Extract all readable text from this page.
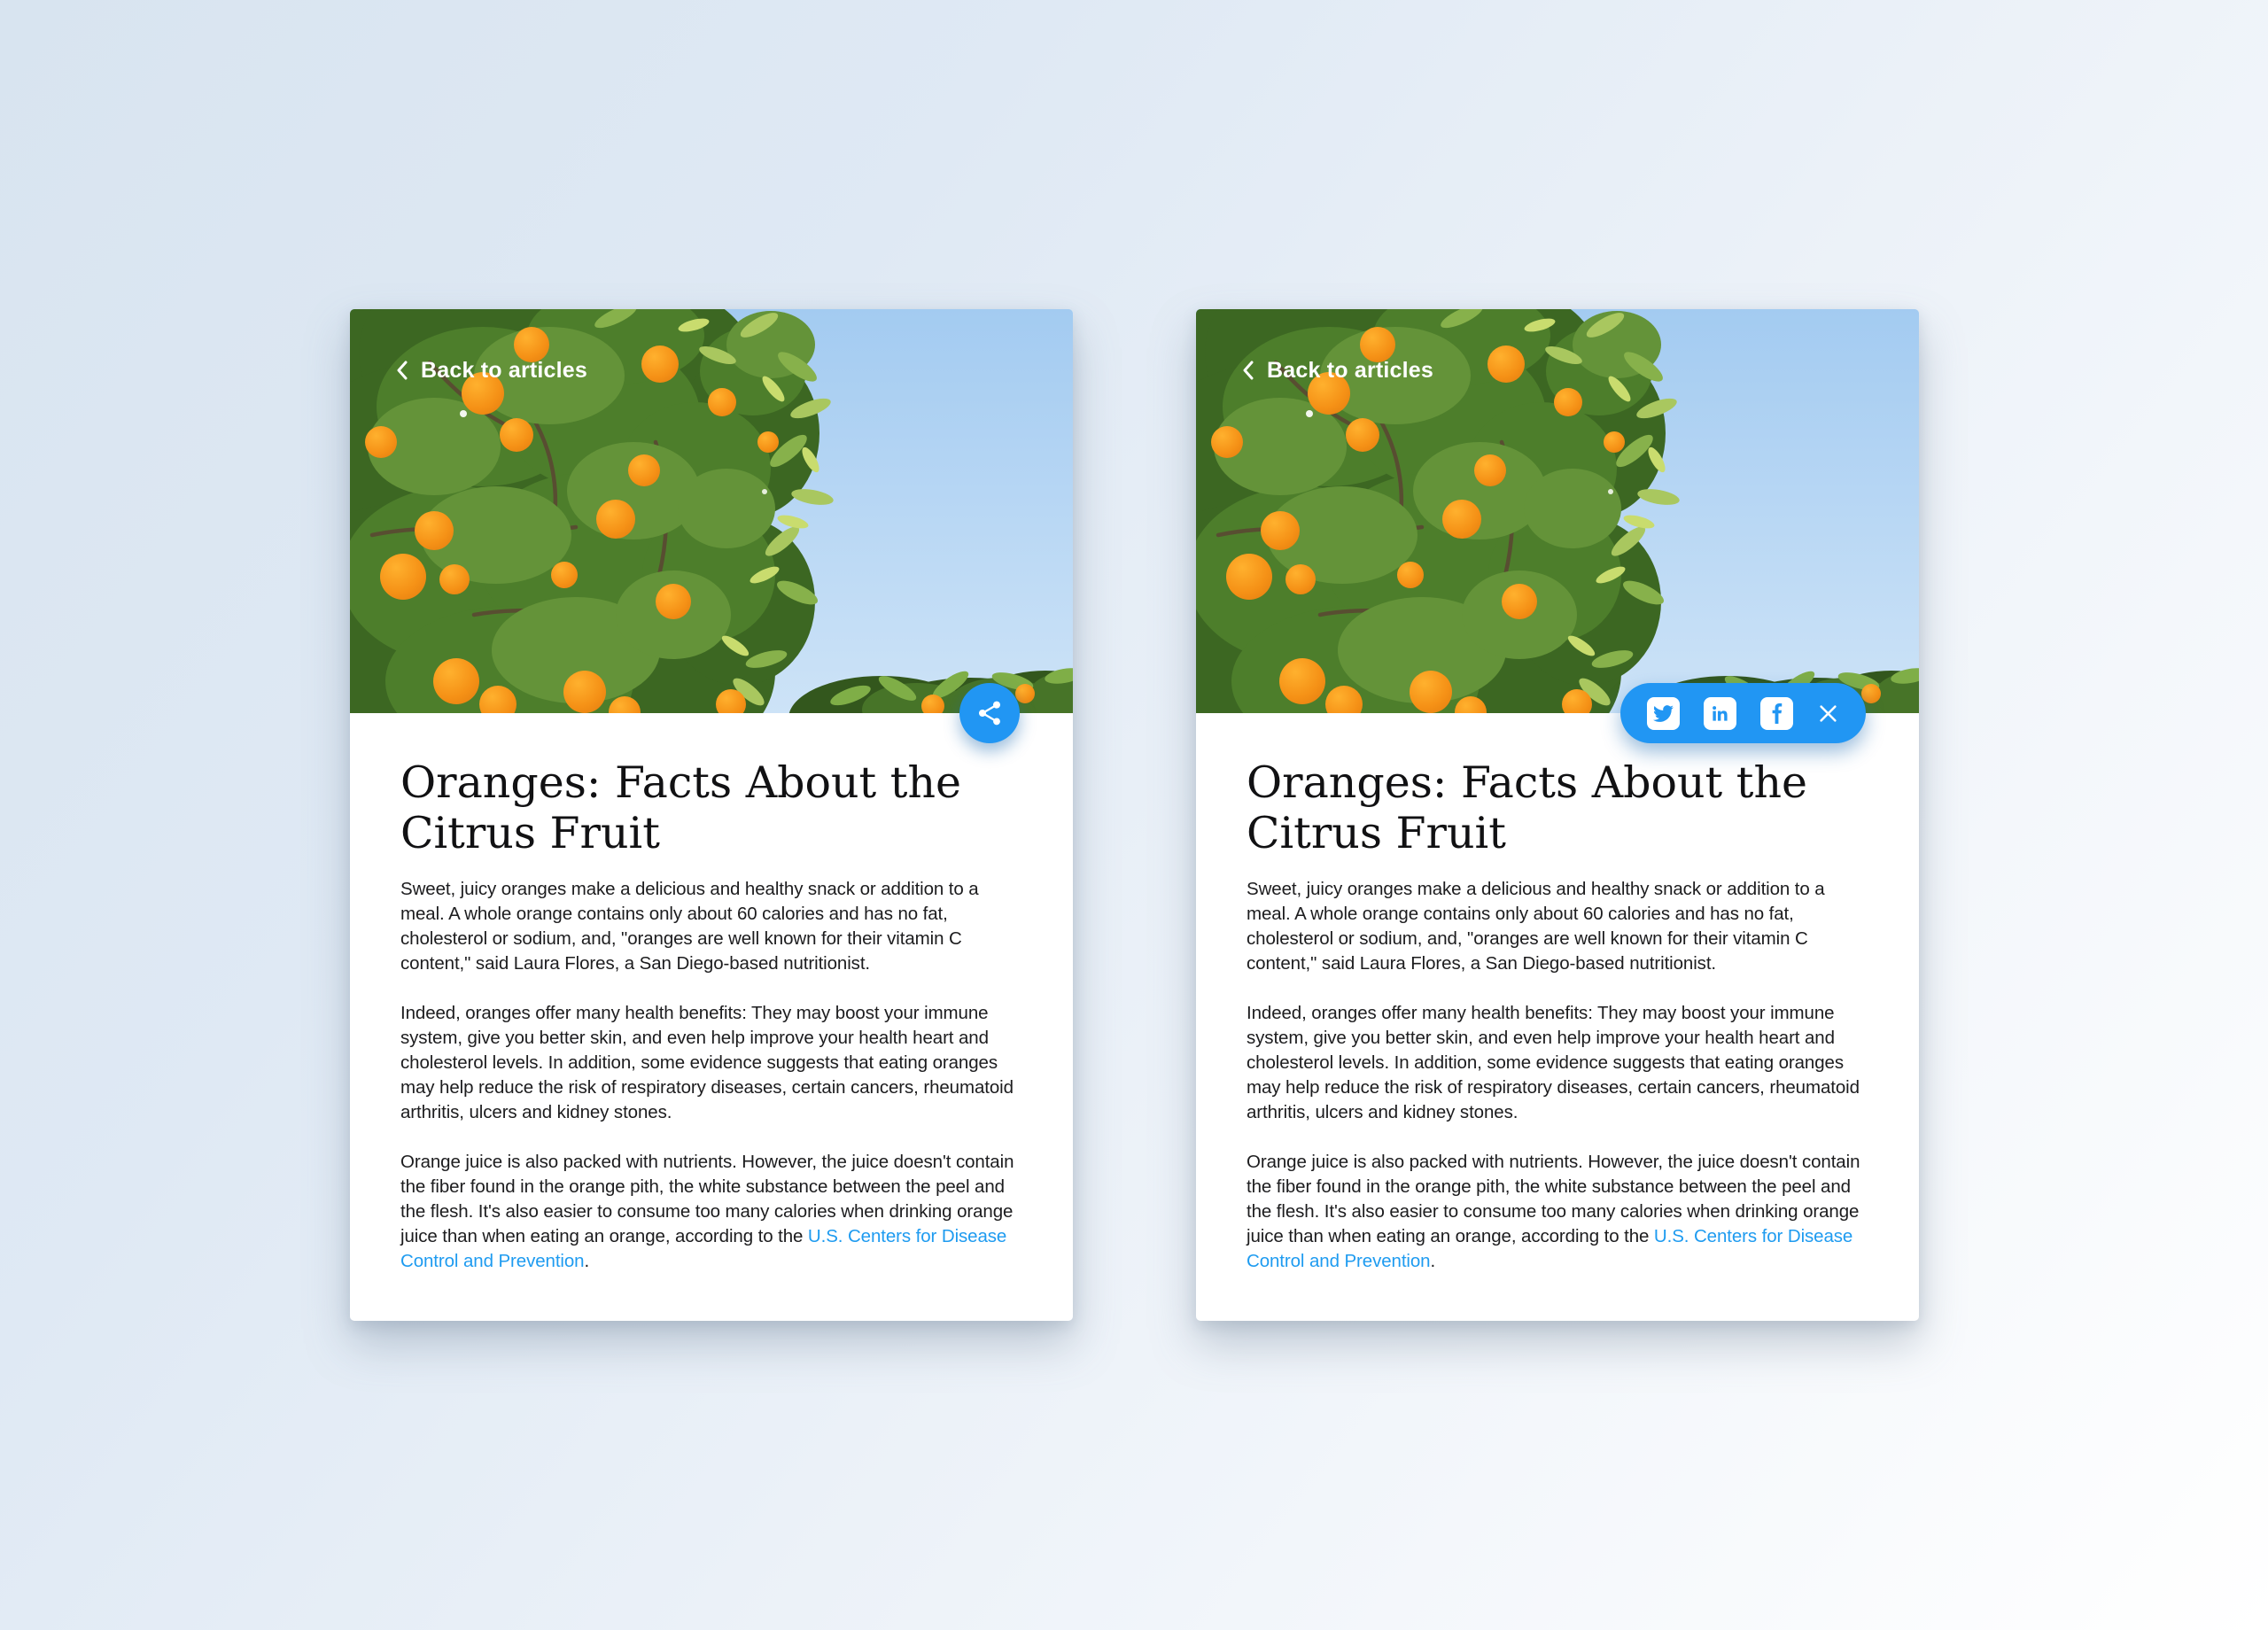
Back to articles
Oranges: Facts About the
Citrus Fruit

Sweet, juicy oranges make a delicious and healthy snack or addition to a meal. A whole orange contains only about 60 calories and has no fat, cholesterol or sodium, and, "oranges are well known for their vitamin C content," said Laura Flores, a San Diego-based nutritionist.

Indeed, oranges offer many health benefits: They may boost your immune system, give you better skin, and even help improve your health heart and cholesterol levels. In addition, some evidence suggests that eating oranges may help reduce the risk of respiratory diseases, certain cancers, rheumatoid arthritis, ulcers and kidney stones.

Orange juice is also packed with nutrients. However, the juice doesn't contain the fiber found in the orange pith, the white substance between the peel and the flesh. It's also easier to consume too many calories when drinking orange juice than when eating an orange, according to the U.S. Centers for Disease Control and Prevention.

Back to articles
Oranges: Facts About the
Citrus Fruit

Sweet, juicy oranges make a delicious and healthy snack or addition to a meal. A whole orange contains only about 60 calories and has no fat, cholesterol or sodium, and, "oranges are well known for their vitamin C content," said Laura Flores, a San Diego-based nutritionist.

Indeed, oranges offer many health benefits: They may boost your immune system, give you better skin, and even help improve your health heart and cholesterol levels. In addition, some evidence suggests that eating oranges may help reduce the risk of respiratory diseases, certain cancers, rheumatoid arthritis, ulcers and kidney stones.

Orange juice is also packed with nutrients. However, the juice doesn't contain the fiber found in the orange pith, the white substance between the peel and the flesh. It's also easier to consume too many calories when drinking orange juice than when eating an orange, according to the U.S. Centers for Disease Control and Prevention.
